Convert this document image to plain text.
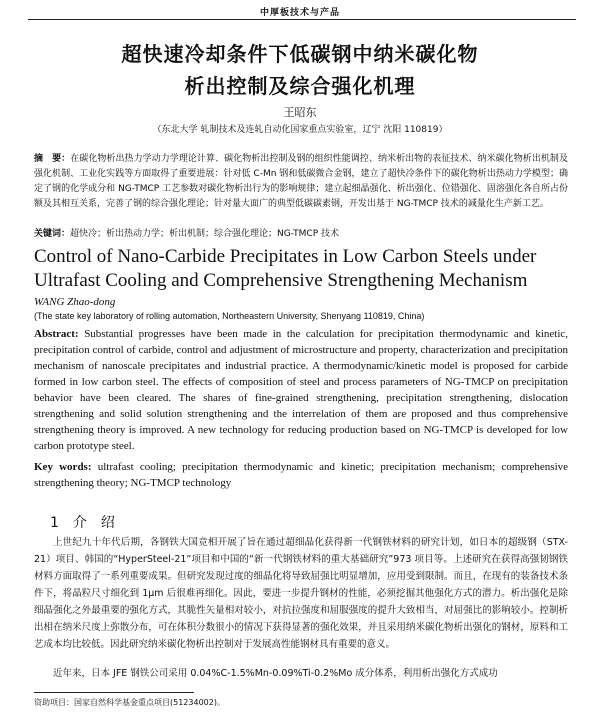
中厚板技术与产品
超快速冷却条件下低碳钢中纳米碳化物
析出控制及综合强化机理
王昭东
（东北大学 轧制技术及连轧自动化国家重点实验室，辽宁 沈阳 110819）
摘　要：在碳化物析出热力学动力学理论计算、碳化物析出控制及钢的组织性能调控、纳米析出物的表征技术、纳米碳化物析出机制及强化机制、工业化实践等方面取得了重要进展：针对低 C-Mn 钢和低碳微合金钢，建立了超快冷条件下的碳化物析出热动力学模型；确定了钢的化学成分和 NG-TMCP 工艺参数对碳化物析出行为的影响规律；建立起细晶强化、析出强化、位错强化、固溶强化各自所占份额及其相互关系，完善了钢的综合强化理论；针对量大面广的典型低碳碳素钢，开发出基于 NG-TMCP 技术的减量化生产新工艺。
关键词：超快冷；析出热动力学；析出机制；综合强化理论；NG-TMCP 技术
Control of Nano-Carbide Precipitates in Low Carbon Steels under Ultrafast Cooling and Comprehensive Strengthening Mechanism
WANG Zhao-dong
(The state key laboratory of rolling automation, Northeastern University, Shenyang 110819, China)
Abstract: Substantial progresses have been made in the calculation for precipitation thermodynamic and kinetic, precipitation control of carbide, control and adjustment of microstructure and property, characterization and precipitation mechanism of nanoscale precipitates and industrial practice. A thermodynamic/kinetic model is proposed for carbide formed in low carbon steel. The effects of composition of steel and process parameters of NG-TMCP on precipitation behavior have been cleared. The shares of fine-grained strengthening, precipitation strengthening, dislocation strengthening and solid solution strengthening and the interrelation of them are proposed and thus comprehensive strengthening theory is improved. A new technology for reducing production based on NG-TMCP is developed for low carbon prototype steel.
Key words: ultrafast cooling; precipitation thermodynamic and kinetic; precipitation mechanism; comprehensive strengthening theory; NG-TMCP technology
1 介　绍
上世纪九十年代后期，各钢铁大国竞相开展了旨在通过超细晶化获得新一代钢铁材料的研究计划，如日本的超级钢（STX-21）项目、韩国的“HyperSteel-21”项目和中国的“新一代钢铁材料的重大基础研究”973 项目等。上述研究在获得高强韧钢铁材料方面取得了一系列重要成果。但研究发现过度的细晶化将导致屈强比明显增加，应用受到限制。而且，在现有的装备技术条件下，将晶粒尺寸细化到 1μm 后很难再细化。因此，要进一步提升钢材的性能，必须挖掘其他强化方式的潜力。析出强化是除细晶强化之外最重要的强化方式，其脆性矢量相对较小，对抗拉强度和屈服强度的提升大致相当，对屈强比的影响较小。控制析出相在纳米尺度上弥散分布，可在体积分数很小的情况下获得显著的强化效果，并且采用纳米碳化物析出强化的钢材，原料和工艺成本均比较低。因此研究纳米碳化物析出控制对于发展高性能钢材具有重要的意义。
近年来，日本 JFE 钢铁公司采用 0.04%C-1.5%Mn-0.09%Ti-0.2%Mo 成分体系，利用析出强化方式成功
资助项目：国家自然科学基金重点项目(51234002)。
